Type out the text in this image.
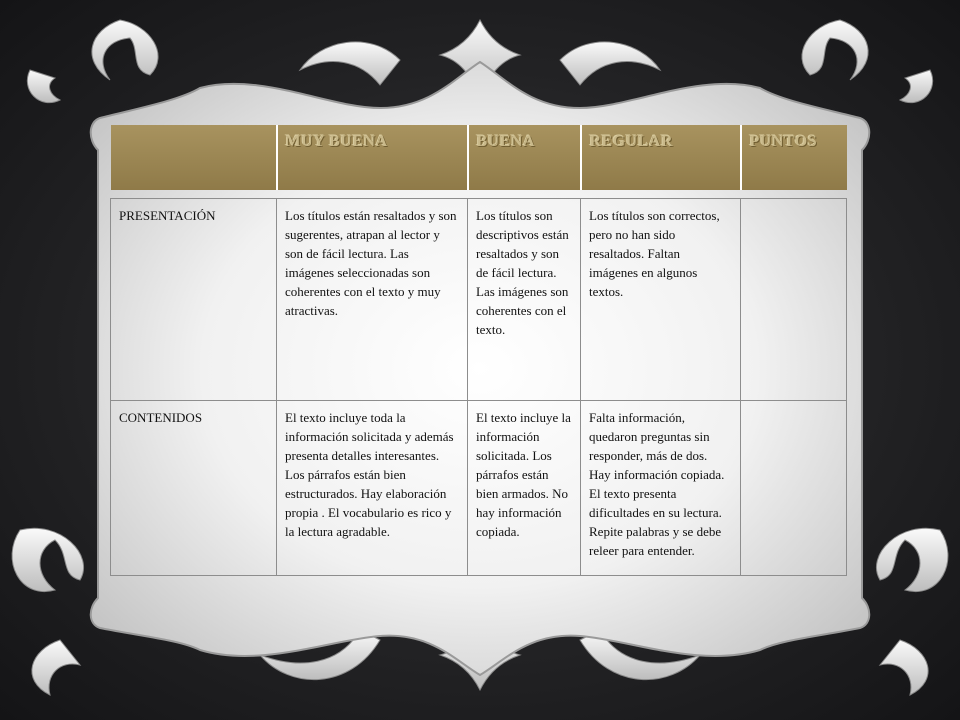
	MUY BUENA	BUENA	REGULAR	PUNTOS

PRESENTACIÓN	Los títulos están resaltados y son sugerentes, atrapan al lector y son de fácil lectura. Las imágenes seleccionadas son coherentes con el texto y muy atractivas.	Los títulos son descriptivos están resaltados y son de fácil lectura. Las imágenes son coherentes con el texto.	Los títulos son correctos, pero no han sido resaltados. Faltan imágenes en algunos textos.	
CONTENIDOS	El texto incluye toda la información solicitada y además presenta detalles interesantes. Los párrafos están bien estructurados. Hay elaboración propia . El vocabulario es rico y la lectura agradable.	El texto incluye la información solicitada. Los párrafos están bien armados. No hay información copiada.	Falta información, quedaron preguntas sin responder, más de dos. Hay información copiada. El texto presenta dificultades en su lectura. Repite palabras y se debe releer para entender.	
